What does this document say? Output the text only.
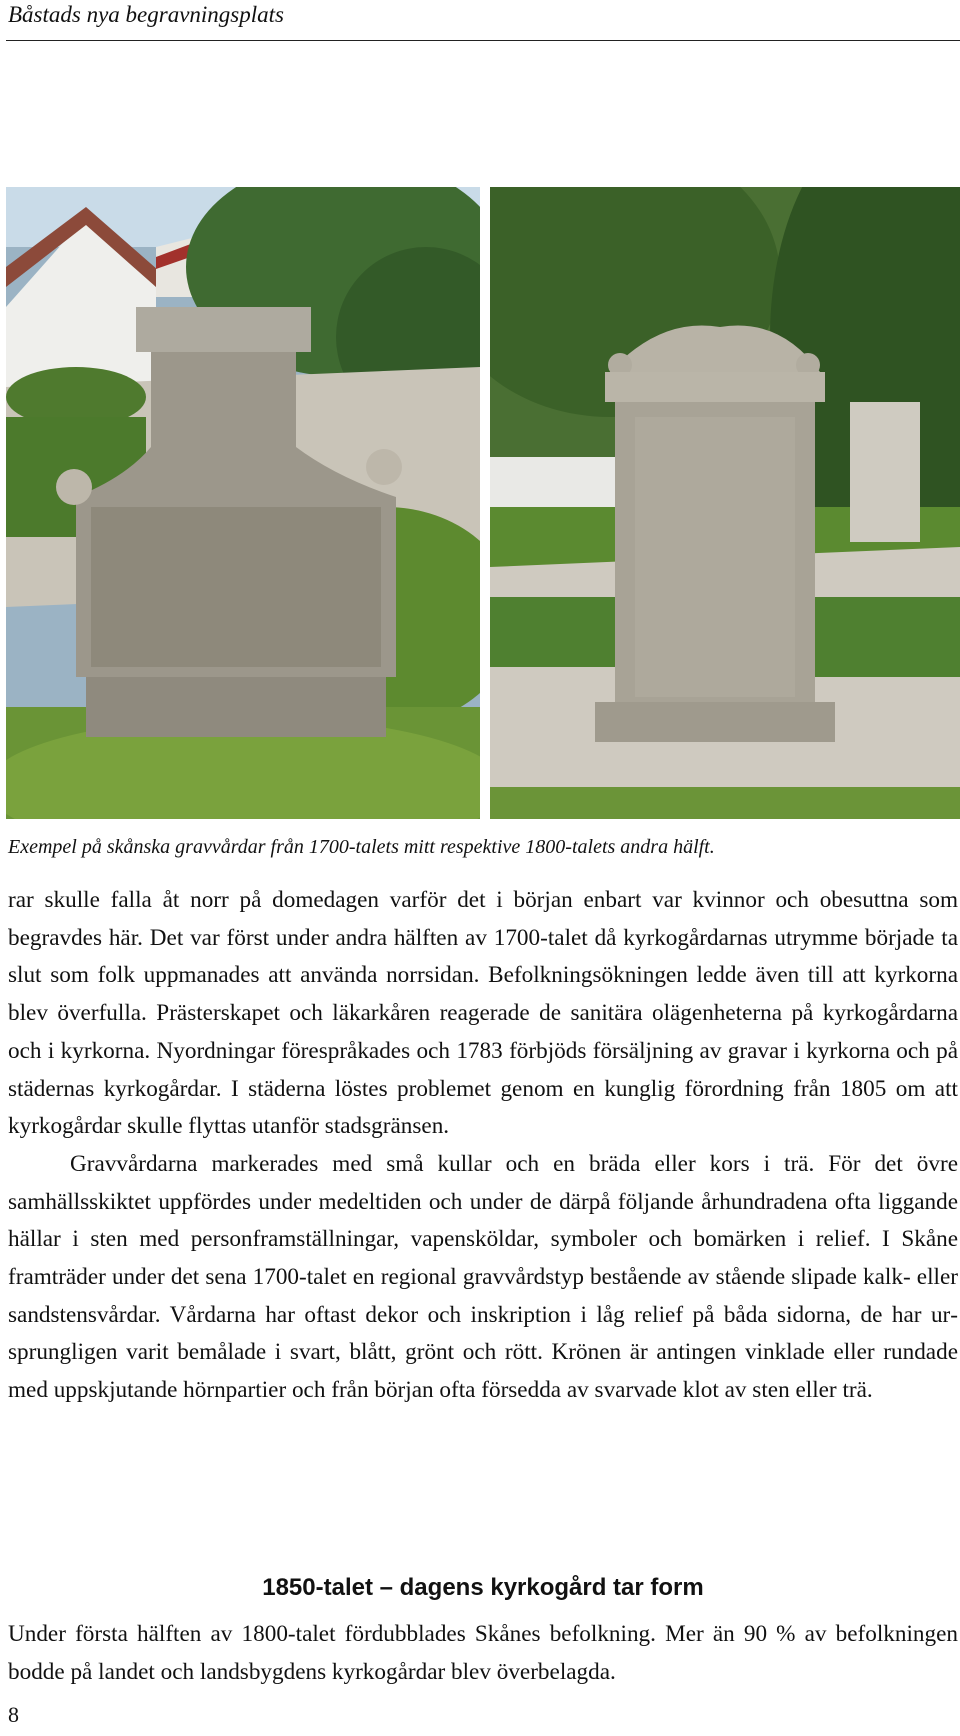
Båstads nya begravningsplats
Exempel på skånska gravvårdar från 1700-talets mitt respektive 1800-talets andra hälft.

rar skulle falla åt norr på domedagen varför det i början enbart var kvinnor och obesuttna som begravdes här. Det var först under andra hälften av 1700-talet då kyrkogårdarnas utrymme började ta slut som folk uppmanades att använda norrsidan. Befolkningsökningen ledde även till att kyrkorna blev överfulla. Prästerskapet och läkarkåren reagerade de sanitära olägenheterna på kyrkogårdarna och i kyrkorna. Nyordningar förespråkades och 1783 förbjöds försäljning av gravar i kyrkorna och på städernas kyrkogårdar. I städerna löstes problemet genom en kunglig förordning från 1805 om att kyrkogårdar skulle flyttas utanför stadsgränsen.

Gravvårdarna markerades med små kullar och en bräda eller kors i trä. För det övre samhällsskiktet uppfördes under medeltiden och under de därpå följande århundradena ofta liggande hällar i sten med personframställningar, vapensköldar, symboler och bomärken i relief. I Skåne framträder under det sena 1700-talet en regional gravvårdstyp bestående av stående slipade kalk- eller sandstensvårdar. Vårdarna har oftast dekor och inskription i låg relief på båda sidorna, de har ursprungligen varit bemålade i svart, blått, grönt och rött. Krönen är antingen vinklade eller rundade med uppskjutande hörnpartier och från början ofta försedda av svarvade klot av sten eller trä.

1850-talet – dagens kyrkogård tar form

Under första hälften av 1800-talet fördubblades Skånes befolkning. Mer än 90 % av befolkningen bodde på landet och landsbygdens kyrkogårdar blev överbelagda.

8
